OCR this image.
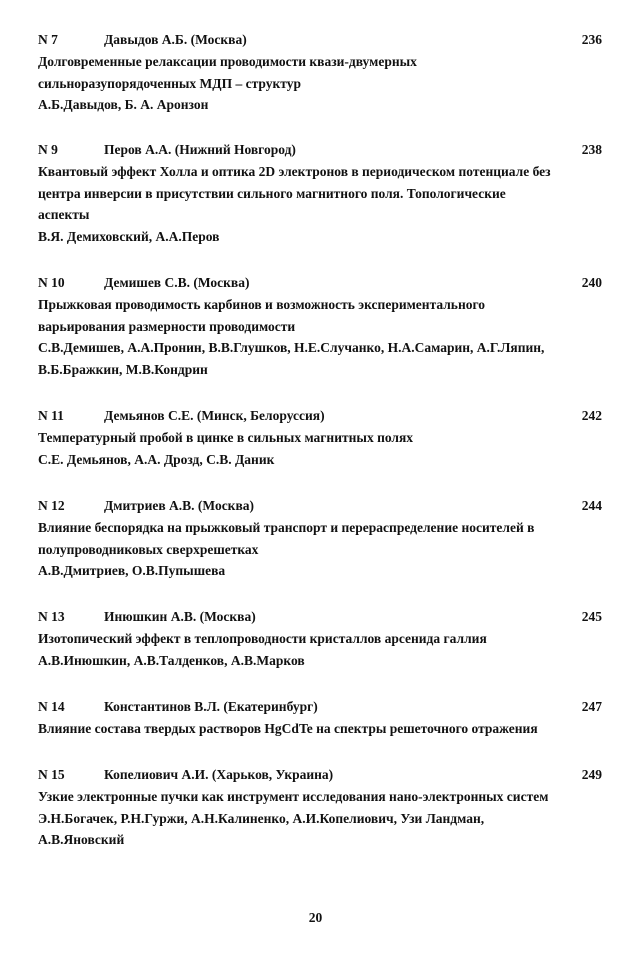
N 7	Давыдов А.Б. (Москва)	236
Долговременные релаксации проводимости квази-двумерных сильноразупорядоченных МДП – структур
А.Б.Давыдов, Б. А. Аронзон
N 9	Перов А.А. (Нижний Новгород)	238
Квантовый эффект Холла и оптика 2D электронов в периодическом потенциале без центра инверсии в присутствии сильного магнитного поля. Топологические аспекты
В.Я. Демиховский, А.А.Перов
N 10	Демишев С.В. (Москва)	240
Прыжковая проводимость карбинов и возможность экспериментального варьирования размерности проводимости
С.В.Демишев, А.А.Пронин, В.В.Глушков, Н.Е.Случанко, Н.А.Самарин, А.Г.Ляпин, В.Б.Бражкин, М.В.Кондрин
N 11	Демьянов С.Е. (Минск, Белоруссия)	242
Температурный пробой в цинке в сильных магнитных полях
С.Е. Демьянов, А.А. Дрозд, С.В. Даник
N 12	Дмитриев А.В. (Москва)	244
Влияние беспорядка на прыжковый транспорт и перераспределение носителей в полупроводниковых сверхрешетках
А.В.Дмитриев, О.В.Пупышева
N 13	Инюшкин А.В. (Москва)	245
Изотопический эффект в теплопроводности кристаллов арсенида галлия
А.В.Инюшкин, А.В.Талденков, А.В.Марков
N 14	Константинов В.Л. (Екатеринбург)	247
Влияние состава твердых растворов HgCdTe на спектры решеточного отражения
N 15	Копелиович А.И. (Харьков, Украина)	249
Узкие электронные пучки как инструмент исследования нано-электронных систем
Э.Н.Богачек, Р.Н.Гуржи, А.Н.Калиненко, А.И.Копелиович, Узи Ландман, А.В.Яновский
20
